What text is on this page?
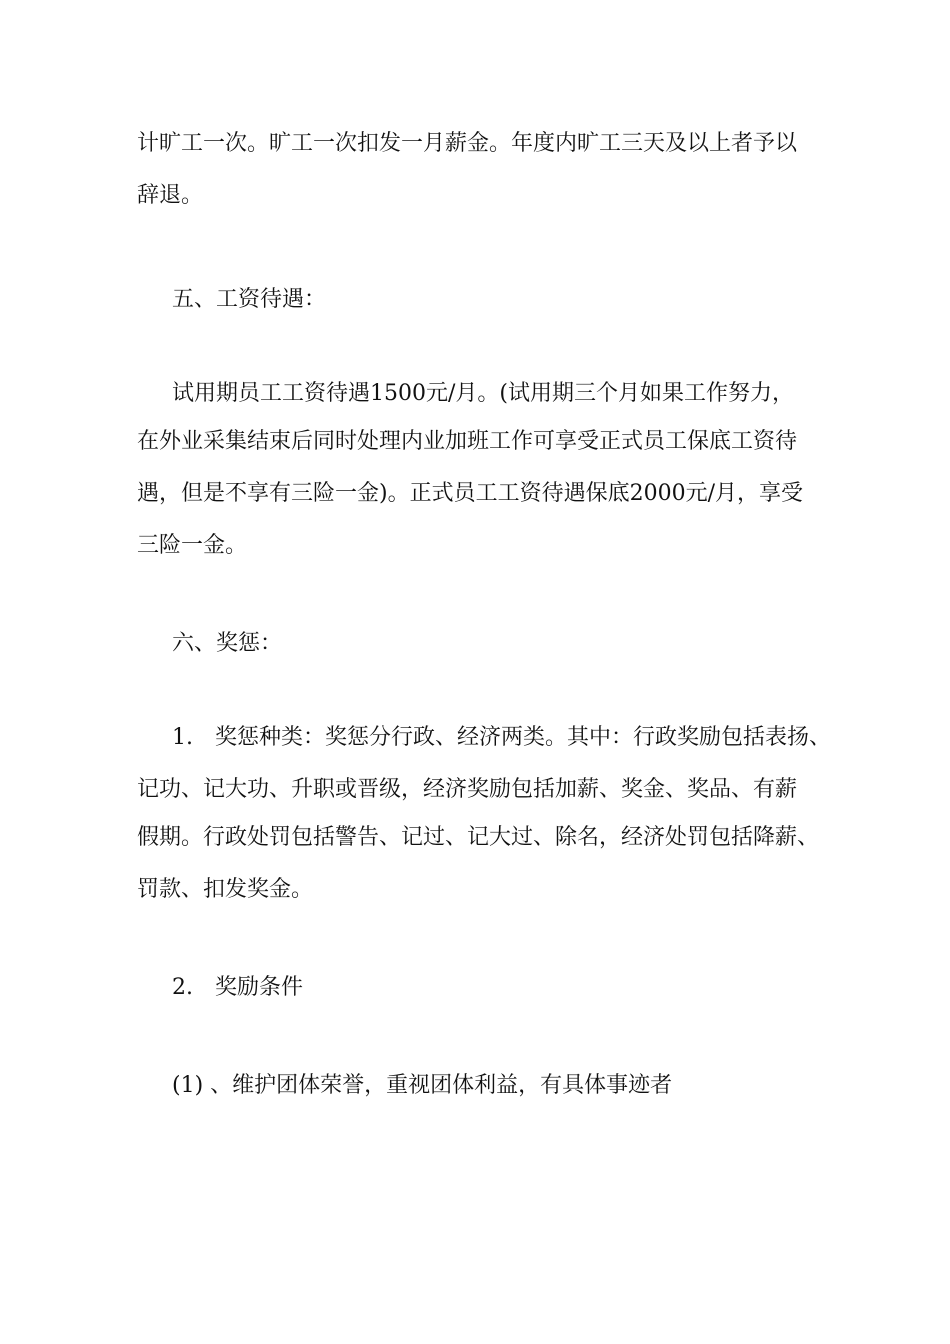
计旷工一次。旷工一次扣发一月薪金。年度内旷工三天及以上者予以

辞退。

五、工资待遇：

试用期员工工资待遇1500元/月。(试用期三个月如果工作努力，

在外业采集结束后同时处理内业加班工作可享受正式员工保底工资待

遇，但是不享有三险一金)。正式员工工资待遇保底2000元/月，享受

三险一金。

六、奖惩：

1.　奖惩种类：奖惩分行政、经济两类。其中：行政奖励包括表扬、

记功、记大功、升职或晋级，经济奖励包括加薪、奖金、奖品、有薪

假期。行政处罚包括警告、记过、记大过、除名，经济处罚包括降薪、

罚款、扣发奖金。

2.　奖励条件

(1) 、维护团体荣誉，重视团体利益，有具体事迹者
